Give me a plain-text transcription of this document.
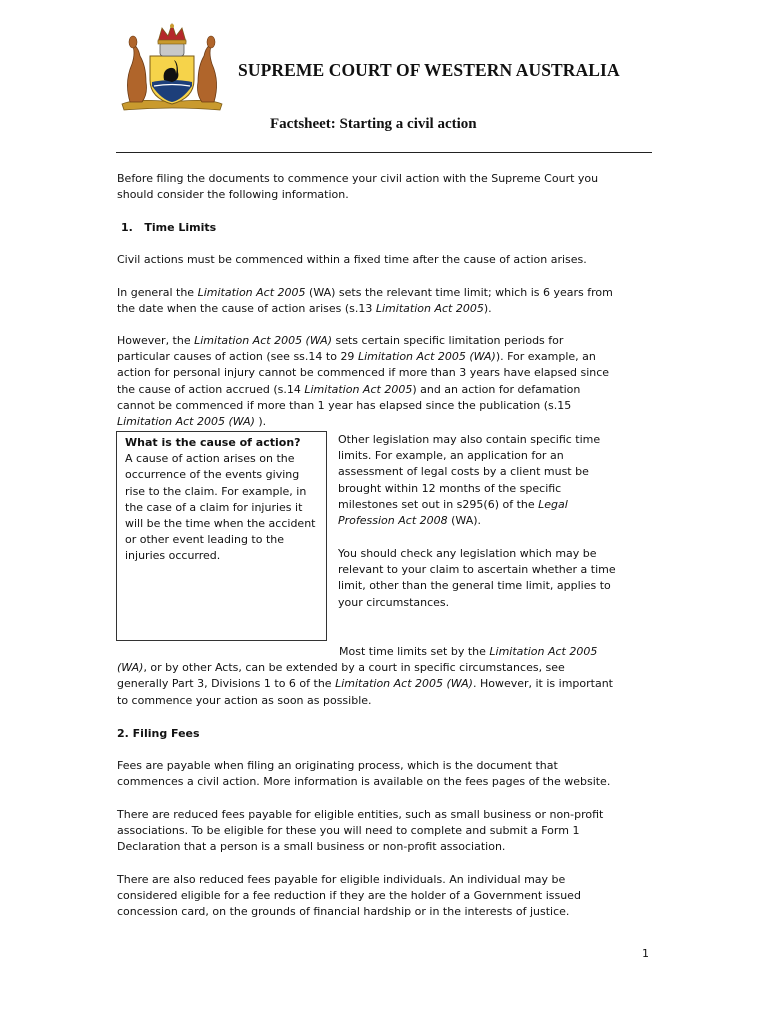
SUPREME COURT OF WESTERN AUSTRALIA
Factsheet: Starting a civil action
Before filing the documents to commence your civil action with the Supreme Court you should consider the following information.
1. Time Limits
Civil actions must be commenced within a fixed time after the cause of action arises.
In general the Limitation Act 2005 (WA) sets the relevant time limit; which is 6 years from the date when the cause of action arises (s.13 Limitation Act 2005).
However, the Limitation Act 2005 (WA) sets certain specific limitation periods for particular causes of action (see ss.14 to 29 Limitation Act 2005 (WA)). For example, an action for personal injury cannot be commenced if more than 3 years have elapsed since the cause of action accrued (s.14 Limitation Act 2005) and an action for defamation cannot be commenced if more than 1 year has elapsed since the publication (s.15 Limitation Act 2005 (WA) ).
What is the cause of action?
A cause of action arises on the occurrence of the events giving rise to the claim. For example, in the case of a claim for injuries it will be the time when the accident or other event leading to the injuries occurred.
Other legislation may also contain specific time limits. For example, an application for an assessment of legal costs by a client must be brought within 12 months of the specific milestones set out in s295(6) of the Legal Profession Act 2008 (WA).
You should check any legislation which may be relevant to your claim to ascertain whether a time limit, other than the general time limit, applies to your circumstances.
Most time limits set by the Limitation Act 2005 (WA), or by other Acts, can be extended by a court in specific circumstances, see generally Part 3, Divisions 1 to 6 of the Limitation Act 2005 (WA). However, it is important to commence your action as soon as possible.
2. Filing Fees
Fees are payable when filing an originating process, which is the document that commences a civil action. More information is available on the fees pages of the website.
There are reduced fees payable for eligible entities, such as small business or non-profit associations. To be eligible for these you will need to complete and submit a Form 1 Declaration that a person is a small business or non-profit association.
There are also reduced fees payable for eligible individuals. An individual may be considered eligible for a fee reduction if they are the holder of a Government issued concession card, on the grounds of financial hardship or in the interests of justice.
1
